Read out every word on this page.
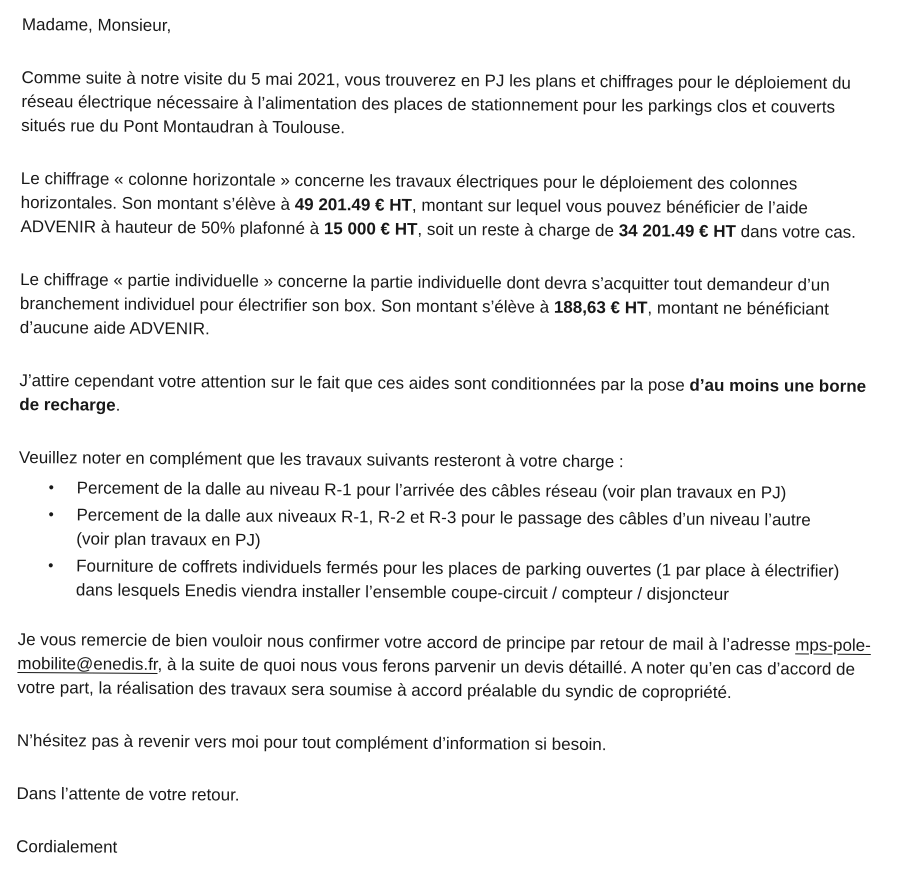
Madame, Monsieur,

Comme suite à notre visite du 5 mai 2021, vous trouverez en PJ les plans et chiffrages pour le déploiement du réseau électrique nécessaire à l’alimentation des places de stationnement pour les parkings clos et couverts situés rue du Pont Montaudran à Toulouse.

Le chiffrage « colonne horizontale » concerne les travaux électriques pour le déploiement des colonnes horizontales. Son montant s’élève à 49 201.49 € HT, montant sur lequel vous pouvez bénéficier de l’aide ADVENIR à hauteur de 50% plafonné à 15 000 € HT, soit un reste à charge de 34 201.49 € HT dans votre cas.

Le chiffrage « partie individuelle » concerne la partie individuelle dont devra s’acquitter tout demandeur d’un branchement individuel pour électrifier son box. Son montant s’élève à 188,63 € HT, montant ne bénéficiant d’aucune aide ADVENIR.

J’attire cependant votre attention sur le fait que ces aides sont conditionnées par la pose d’au moins une borne de recharge.

Veuillez noter en complément que les travaux suivants resteront à votre charge :

•	Percement de la dalle au niveau R-1 pour l’arrivée des câbles réseau (voir plan travaux en PJ)
•	Percement de la dalle aux niveaux R-1, R-2 et R-3 pour le passage des câbles d’un niveau l’autre (voir plan travaux en PJ)
•	Fourniture de coffrets individuels fermés pour les places de parking ouvertes (1 par place à électrifier) dans lesquels Enedis viendra installer l’ensemble coupe-circuit / compteur / disjoncteur

Je vous remercie de bien vouloir nous confirmer votre accord de principe par retour de mail à l’adresse mps-pole-mobilite@enedis.fr, à la suite de quoi nous vous ferons parvenir un devis détaillé. A noter qu’en cas d’accord de votre part, la réalisation des travaux sera soumise à accord préalable du syndic de copropriété.

N’hésitez pas à revenir vers moi pour tout complément d’information si besoin.

Dans l’attente de votre retour.

Cordialement
